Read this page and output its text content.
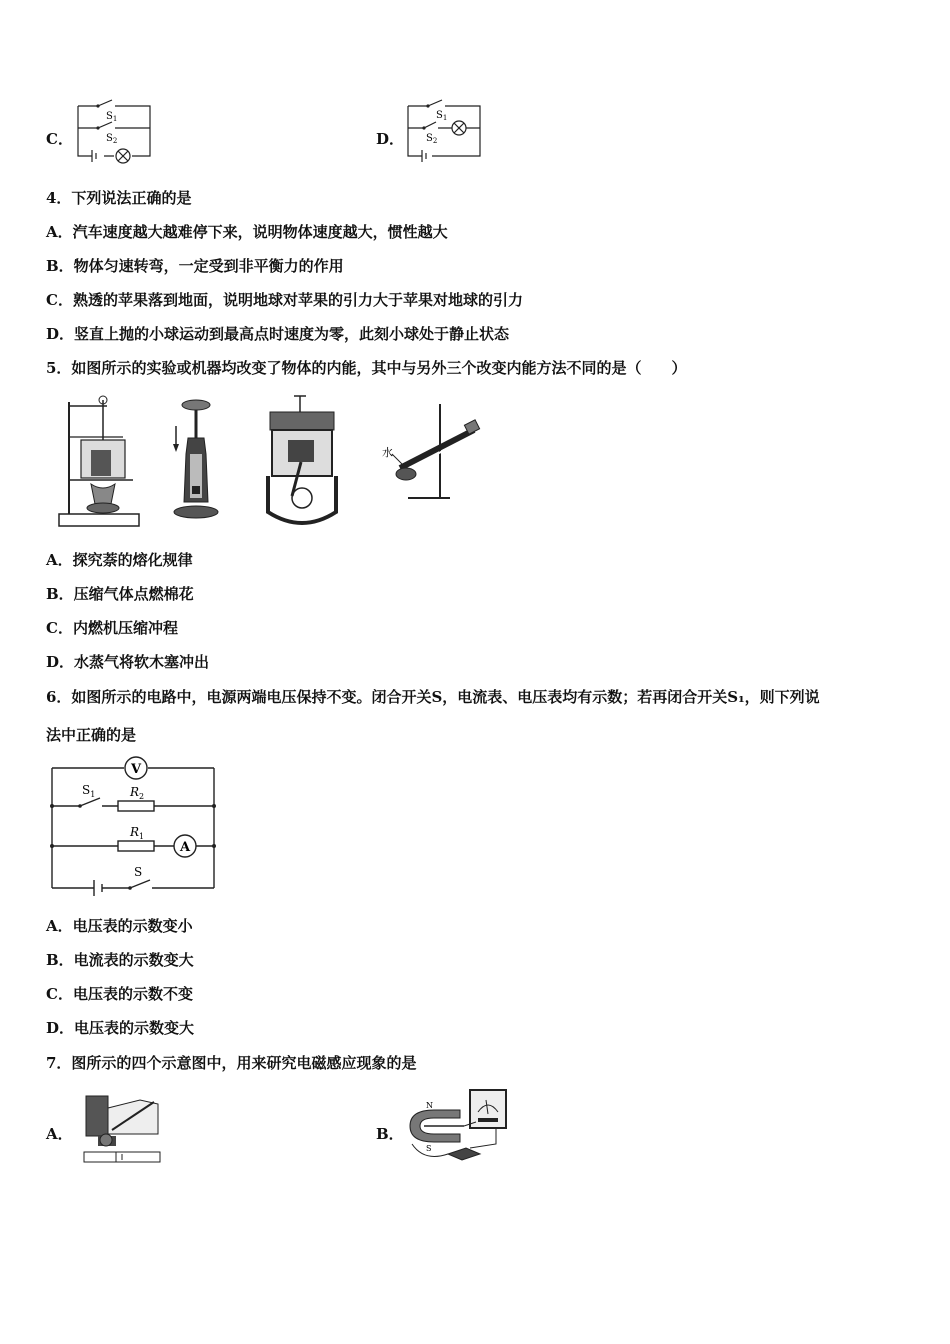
C．
$S_1$
$S_2$	D．
$S_1$
$S_2$
4．下列说法正确的是
A．汽车速度越大越难停下来，说明物体速度越大，惯性越大
B．物体匀速转弯，一定受到非平衡力的作用
C．熟透的苹果落到地面，说明地球对苹果的引力大于苹果对地球的引力
D．竖直上抛的小球运动到最高点时速度为零，此刻小球处于静止状态
5．如图所示的实验或机器均改变了物体的内能，其中与另外三个改变内能方法不同的是（　　）
水
A．探究萘的熔化规律
B．压缩气体点燃棉花
C．内燃机压缩冲程
D．水蒸气将软木塞冲出
6．如图所示的电路中，电源两端电压保持不变。闭合开关S，电流表、电压表均有示数；若再闭合开关S₁，则下列说
法中正确的是
V
A
$S_1$	$R_2$
$R_1$
S
A．电压表的示数变小
B．电流表的示数变大
C．电压表的示数不变
D．电压表的示数变大
7．图所示的四个示意图中，用来研究电磁感应现象的是
A．	B．
N
S
